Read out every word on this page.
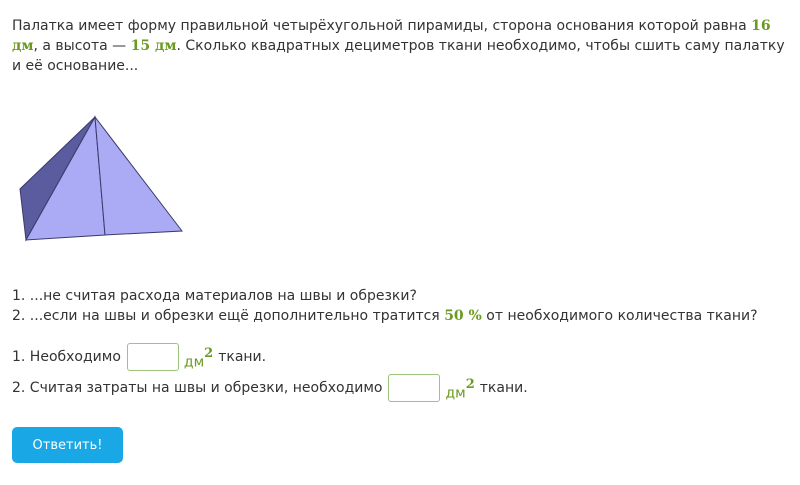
Палатка имеет форму правильной четырёхугольной пирамиды, сторона основания которой равна 16 дм, а высота — 15 дм. Сколько квадратных дециметров ткани необходимо, чтобы сшить саму палатку и её основание...
1. ...не считая расхода материалов на швы и обрезки?
2. ...если на швы и обрезки ещё дополнительно тратится 50 % от необходимого количества ткани?
1. Необходимо	$дм^2$ ткани.
2. Считая затраты на швы и обрезки, необходимо	$дм^2$ ткани.
Ответить!
